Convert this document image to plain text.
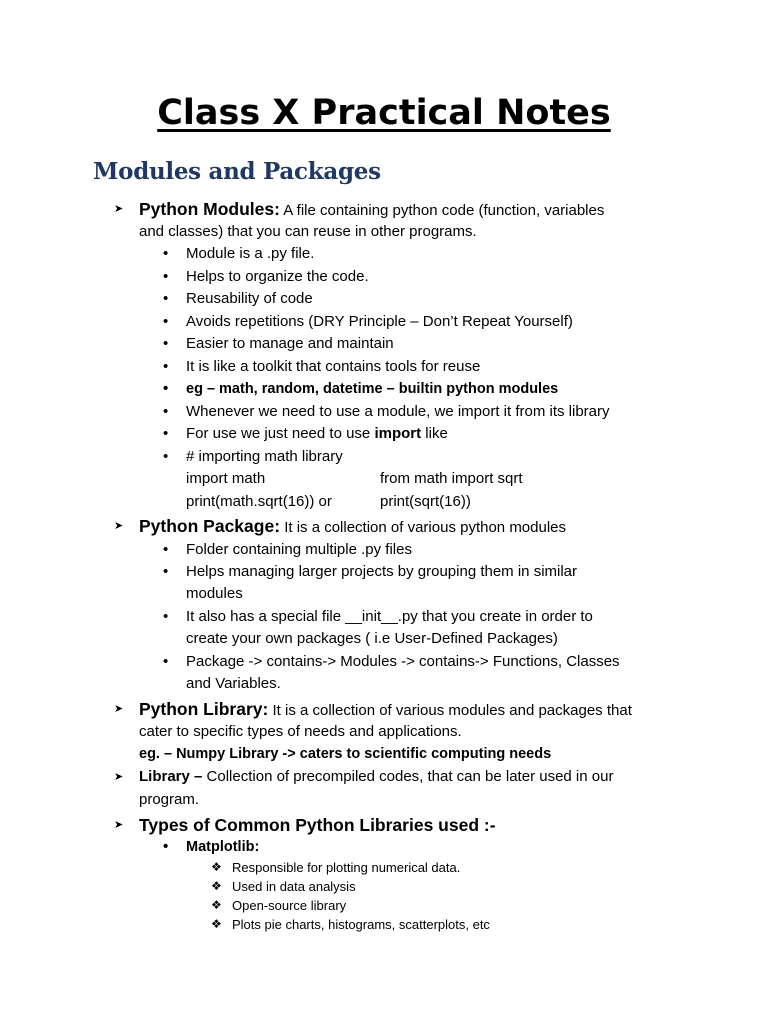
Class X Practical Notes
Modules and Packages
➤ Python Modules: A file containing python code (function, variables
and classes) that you can reuse in other programs.
• Module is a .py file.
• Helps to organize the code.
• Reusability of code
• Avoids repetitions (DRY Principle – Don’t Repeat Yourself)
• Easier to manage and maintain
• It is like a toolkit that contains tools for reuse
• eg – math, random, datetime – builtin python modules
• Whenever we need to use a module, we import it from its library
• For use we just need to use import like
• # importing math library
import math	from math import sqrt
print(math.sqrt(16)) or	print(sqrt(16))
➤ Python Package: It is a collection of various python modules
• Folder containing multiple .py files
• Helps managing larger projects by grouping them in similar
modules
• It also has a special file __init__.py that you create in order to
create your own packages ( i.e User-Defined Packages)
• Package -> contains-> Modules -> contains-> Functions, Classes
and Variables.
➤ Python Library: It is a collection of various modules and packages that
cater to specific types of needs and applications.
eg. – Numpy Library -> caters to scientific computing needs
➤ Library – Collection of precompiled codes, that can be later used in our
program.
➤ Types of Common Python Libraries used :-
• Matplotlib:
❖ Responsible for plotting numerical data.
❖ Used in data analysis
❖ Open-source library
❖ Plots pie charts, histograms, scatterplots, etc
